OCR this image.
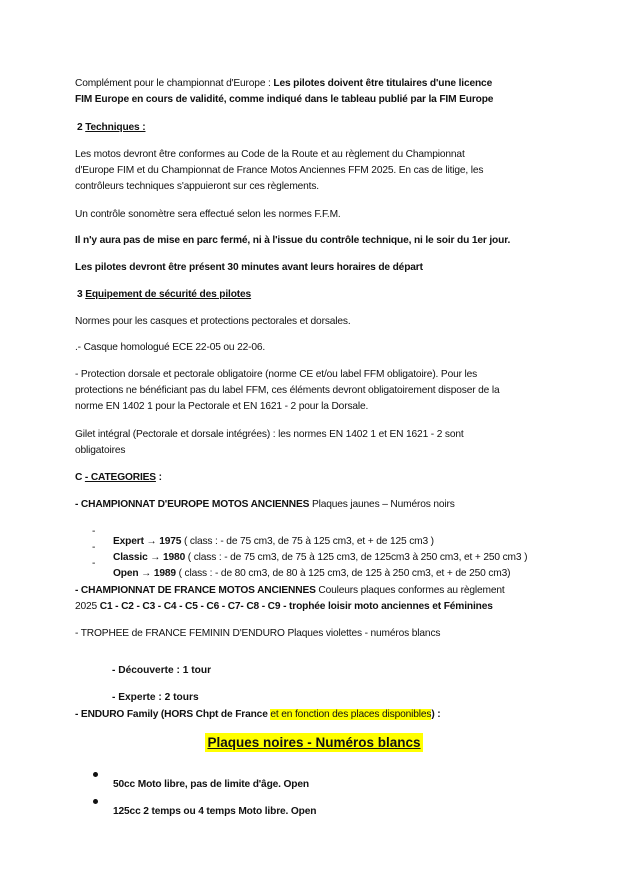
Complément pour le championnat d'Europe : Les pilotes doivent être titulaires d'une licence

FIM Europe en cours de validité, comme indiqué dans le tableau publié par la FIM Europe

2 Techniques :

Les motos devront être conformes au Code de la Route et au règlement du Championnat

d'Europe FIM et du Championnat de France Motos Anciennes FFM 2025. En cas de litige, les

contrôleurs techniques s'appuieront sur ces règlements.

Un contrôle sonomètre sera effectué selon les normes F.F.M.

Il n'y aura pas de mise en parc fermé, ni à l'issue du contrôle technique, ni le soir du 1er jour.

Les pilotes devront être présent 30 minutes avant leurs horaires de départ

3 Equipement de sécurité des pilotes

Normes pour les casques et protections pectorales et dorsales.

.- Casque homologué ECE 22-05 ou 22-06.

- Protection dorsale et pectorale obligatoire (norme CE et/ou label FFM obligatoire). Pour les

protections ne bénéficiant pas du label FFM, ces éléments devront obligatoirement disposer de la

norme EN 1402 1 pour la Pectorale et EN 1621 - 2 pour la Dorsale.

Gilet intégral (Pectorale et dorsale intégrées) : les normes EN 1402 1 et EN 1621 - 2 sont

obligatoires

C - CATEGORIES :

- CHAMPIONNAT D'EUROPE MOTOS ANCIENNES Plaques jaunes – Numéros noirs

-

Expert → 1975 ( class : - de 75 cm3, de 75 à 125 cm3, et + de 125 cm3 )

-

Classic → 1980 ( class : - de 75 cm3, de 75 à 125 cm3, de 125cm3 à 250 cm3, et + 250 cm3 )

-

Open → 1989 ( class : - de 80 cm3, de 80 à 125 cm3, de 125 à 250 cm3, et + de 250 cm3)

- CHAMPIONNAT DE FRANCE MOTOS ANCIENNES Couleurs plaques conformes au règlement

2025 C1 - C2 - C3 - C4 - C5 - C6 - C7- C8 - C9 - trophée loisir moto anciennes et Féminines

- TROPHEE de FRANCE FEMININ D'ENDURO Plaques violettes - numéros blancs

- Découverte : 1 tour

- Experte : 2 tours

- ENDURO Family (HORS Chpt de France et en fonction des places disponibles) :

Plaques noires - Numéros blancs

50cc Moto libre, pas de limite d'âge. Open

125cc 2 temps ou 4 temps Moto libre. Open
